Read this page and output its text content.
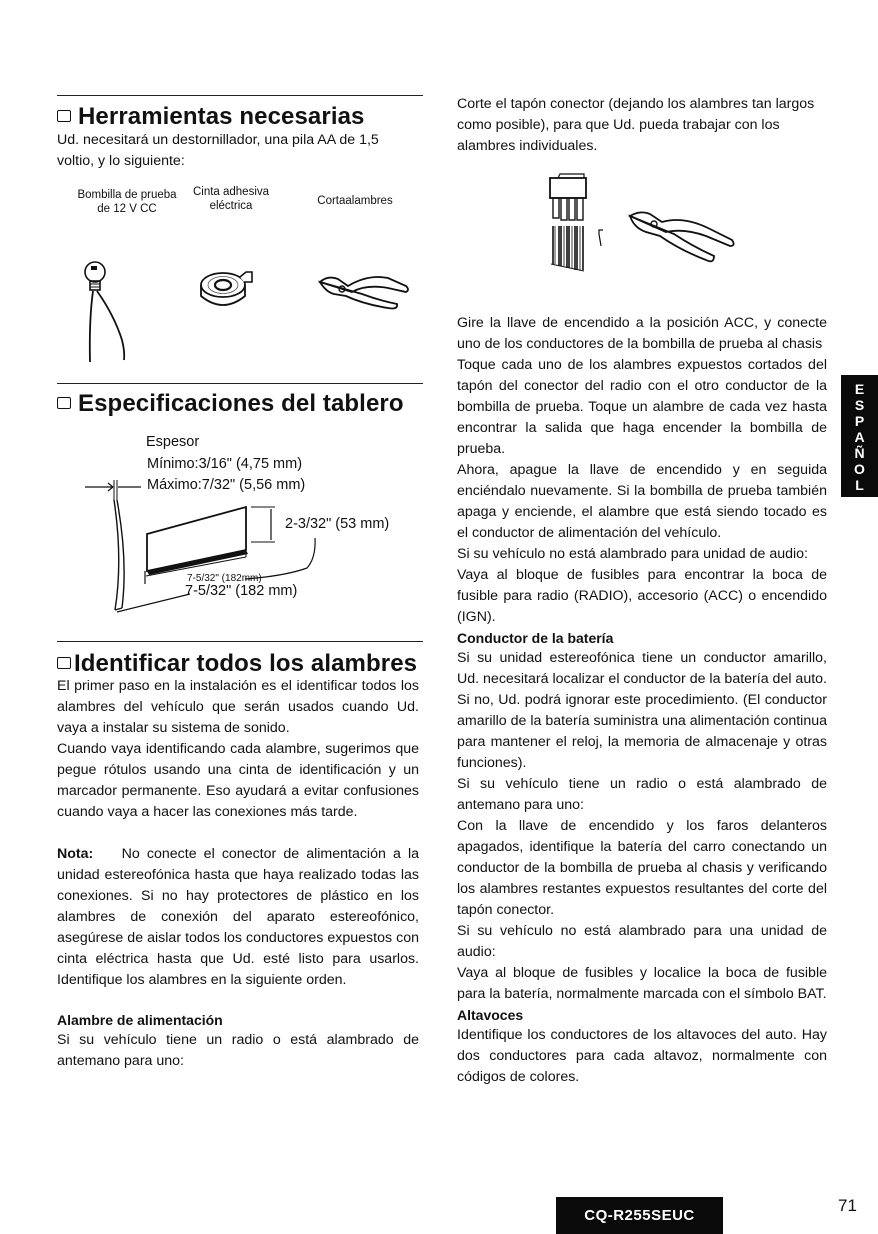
Herramientas necesarias

Ud. necesitará un destornillador, una pila AA de 1,5 voltio, y lo siguiente:

Bombilla de prueba
de 12 V CC
Cinta adhesiva
eléctrica	Cortaalambres
Especificaciones del tablero
Espesor
Mínimo:3/16" (4,75 mm)
Máximo:7/32" (5,56 mm)
2-3/32" (53 mm)
7-5/32" (182mm)
7-5/32" (182 mm)
Identificar todos los alambres

El primer paso en la instalación es el identificar todos los alambres del vehículo que serán usados cuando Ud. vaya a instalar su sistema de sonido.

Cuando vaya identificando cada alambre, sugerimos que pegue rótulos usando una cinta de identificación y un marcador permanente. Eso ayudará a evitar confusiones cuando vaya a hacer las conexiones más tarde.

Nota: No conecte el conector de alimentación a la unidad estereofónica hasta que haya realizado todas las conexiones. Si no hay protectores de plástico en los alambres de conexión del aparato estereofónico, asegúrese de aislar todos los conductores expuestos con cinta eléctrica hasta que Ud. esté listo para usarlos. Identifique los alambres en la siguiente orden.

Alambre de alimentación

Si su vehículo tiene un radio o está alambrado de antemano para uno:

Corte el tapón conector (dejando los alambres tan largos como posible), para que Ud. pueda trabajar con los alambres individuales.

Gire la llave de encendido a la posición ACC, y conecte uno de los conductores de la bombilla de prueba al chasis

Toque cada uno de los alambres expuestos cortados del tapón del conector del radio con el otro conductor de la bombilla de prueba. Toque un alambre de cada vez hasta encontrar la salida que haga encender la bombilla de prueba.

Ahora, apague la llave de encendido y en seguida enciéndalo nuevamente. Si la bombilla de prueba también apaga y enciende, el alambre que está siendo tocado es el conductor de alimentación del vehículo.

Si su vehículo no está alambrado para unidad de audio:

Vaya al bloque de fusibles para encontrar la boca de fusible para radio (RADIO), accesorio (ACC) o encendido (IGN).

Conductor de la batería

Si su unidad estereofónica tiene un conductor amarillo, Ud. necesitará localizar el conductor de la batería del auto. Si no, Ud. podrá ignorar este procedimiento. (El conductor amarillo de la batería suministra una alimentación continua para mantener el reloj, la memoria de almacenaje y otras funciones).

Si su vehículo tiene un radio o está alambrado de antemano para uno:

Con la llave de encendido y los faros delanteros apagados, identifique la batería del carro conectando un conductor de la bombilla de prueba al chasis y verificando los alambres restantes expuestos resultantes del corte del tapón conector.

Si su vehículo no está alambrado para una unidad de audio:

Vaya al bloque de fusibles y localice la boca de fusible para la batería, normalmente marcada con el símbolo BAT.

Altavoces

Identifique los conductores de los altavoces del auto. Hay dos conductores para cada altavoz, normalmente con códigos de colores.

E
S
P
A
Ñ
O
L
CQ-R255SEUC
71
